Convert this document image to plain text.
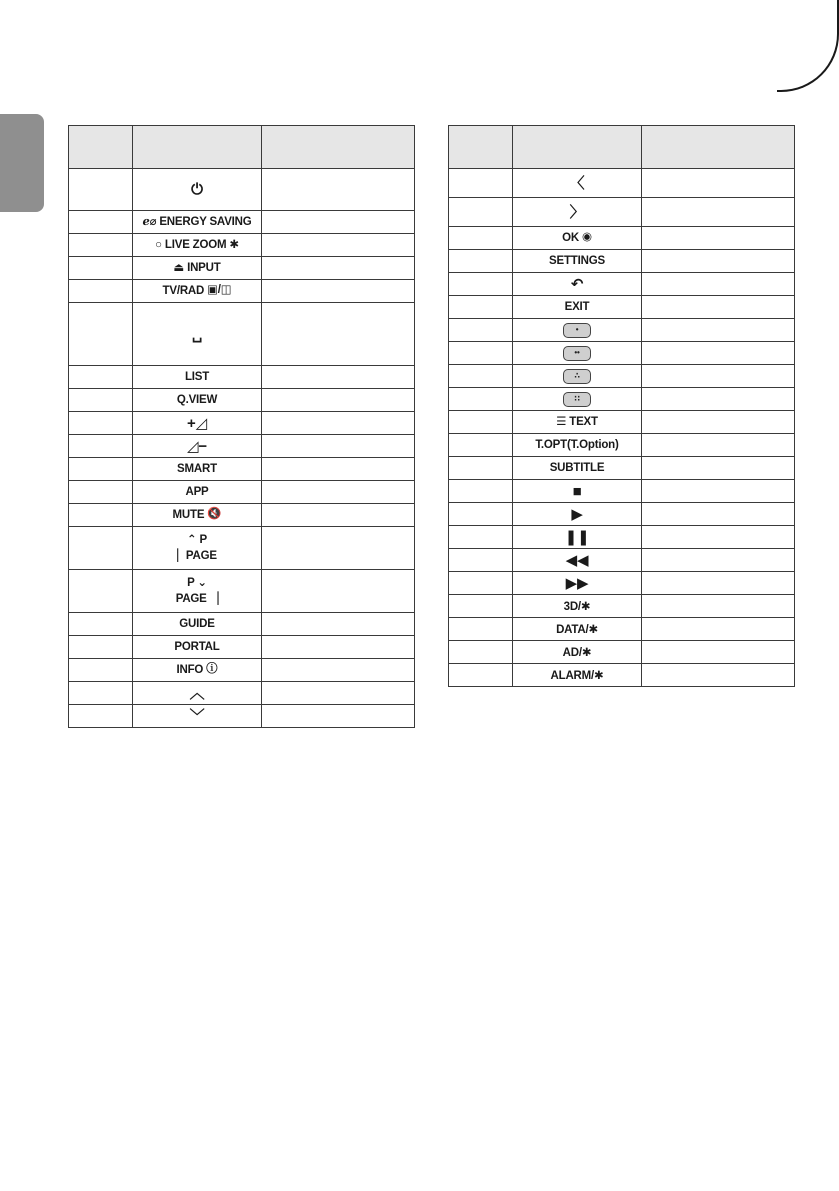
	⏻	

	ℯ⌀ ENERGY SAVING	

	○ LIVE ZOOM ✱	

	⏏ INPUT	

	TV/RAD ▣/◫	

	␣	

	LIST	

	Q.VIEW	

	+◿	

	◿−	

	SMART	

	APP	

	MUTE 🔇	

	⌃ P
▏PAGE	

	P ⌄
PAGE ▕	

	GUIDE	

	PORTAL	

	INFO ⓘ	

	︿	

	﹀	

	〈	

	〉	

	OK ◉	

	SETTINGS	

	↶	

	EXIT	

	•	

	••	

	∴	

	∷	

	☰ TEXT	

	T.OPT(T.Option)	

	SUBTITLE	

	■	

	▶	

	❚❚	

	◀◀	

	▶▶	

	3D/✱	

	DATA/✱	

	AD/✱	

	ALARM/✱	
